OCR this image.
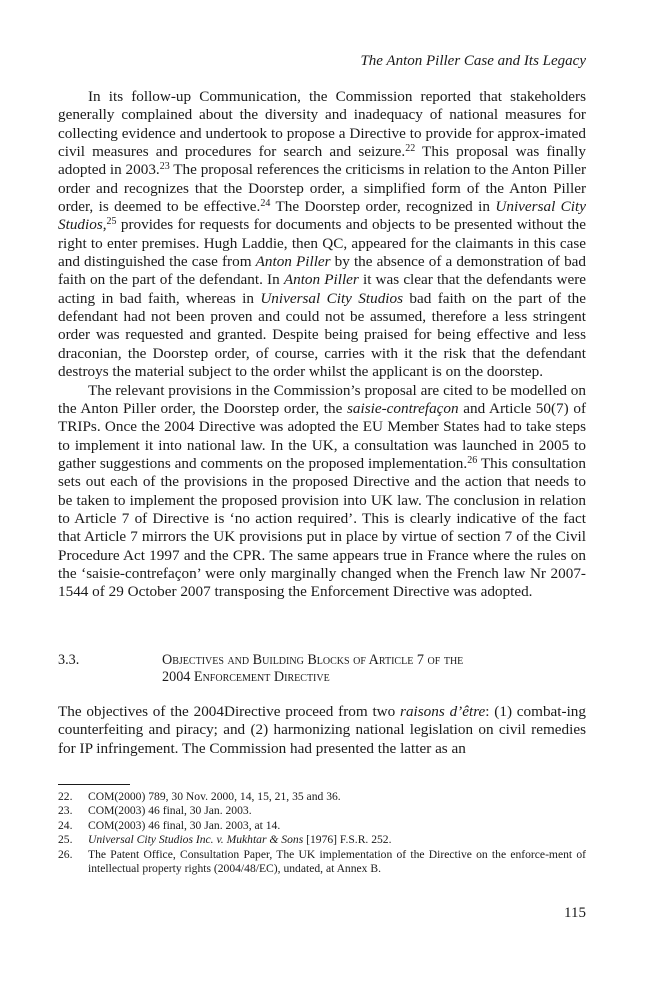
The Anton Piller Case and Its Legacy

In its follow-up Communication, the Commission reported that stakeholders generally complained about the diversity and inadequacy of national measures for collecting evidence and undertook to propose a Directive to provide for approx-imated civil measures and procedures for search and seizure.$^{22}$ This proposal was finally adopted in 2003.23 The proposal references the criticisms in relation to the Anton Piller order and recognizes that the Doorstep order, a simplified form of the Anton Piller order, is deemed to be effective.$^{24}$ The Doorstep order, recognized in Universal City Studios,$^{25}$ provides for requests for documents and objects to be presented without the right to enter premises. Hugh Laddie, then QC, appeared for the claimants in this case and distinguished the case from Anton Piller by the absence of a demonstration of bad faith on the part of the defendant. In Anton Piller it was clear that the defendants were acting in bad faith, whereas in Universal City Studios bad faith on the part of the defendant had not been proven and could not be assumed, therefore a less stringent order was requested and granted. Despite being praised for being effective and less draconian, the Doorstep order, of course, carries with it the risk that the defendant destroys the material subject to the order whilst the applicant is on the doorstep.

The relevant provisions in the Commission’s proposal are cited to be modelled on the Anton Piller order, the Doorstep order, the saisie-contrefaçon and Article 50(7) of TRIPs. Once the 2004 Directive was adopted the EU Member States had to take steps to implement it into national law. In the UK, a consultation was launched in 2005 to gather suggestions and comments on the proposed implementation.$^{26}$ This consultation sets out each of the provisions in the proposed Directive and the action that needs to be taken to implement the proposed provision into UK law. The conclusion in relation to Article 7 of Directive is ‘no action required’. This is clearly indicative of the fact that Article 7 mirrors the UK provisions put in place by virtue of section 7 of the Civil Procedure Act 1997 and the CPR. The same appears true in France where the rules on the ‘saisie-contrefaçon’ were only marginally changed when the French law Nr 2007-1544 of 29 October 2007 transposing the Enforcement Directive was adopted.

3.3.	Objectives and Building Blocks of Article 7 of the
2004 Enforcement Directive

The objectives of the 2004Directive proceed from two raisons d’être: (1) combat-ing counterfeiting and piracy; and (2) harmonizing national legislation on civil remedies for IP infringement. The Commission had presented the latter as an

22. COM(2000) 789, 30 Nov. 2000, 14, 15, 21, 35 and 36.
23. COM(2003) 46 final, 30 Jan. 2003.
24. COM(2003) 46 final, 30 Jan. 2003, at 14.
25. Universal City Studios Inc. v. Mukhtar & Sons [1976] F.S.R. 252.
26. The Patent Office, Consultation Paper, The UK implementation of the Directive on the enforce-ment of intellectual property rights (2004/48/EC), undated, at Annex B.
115
